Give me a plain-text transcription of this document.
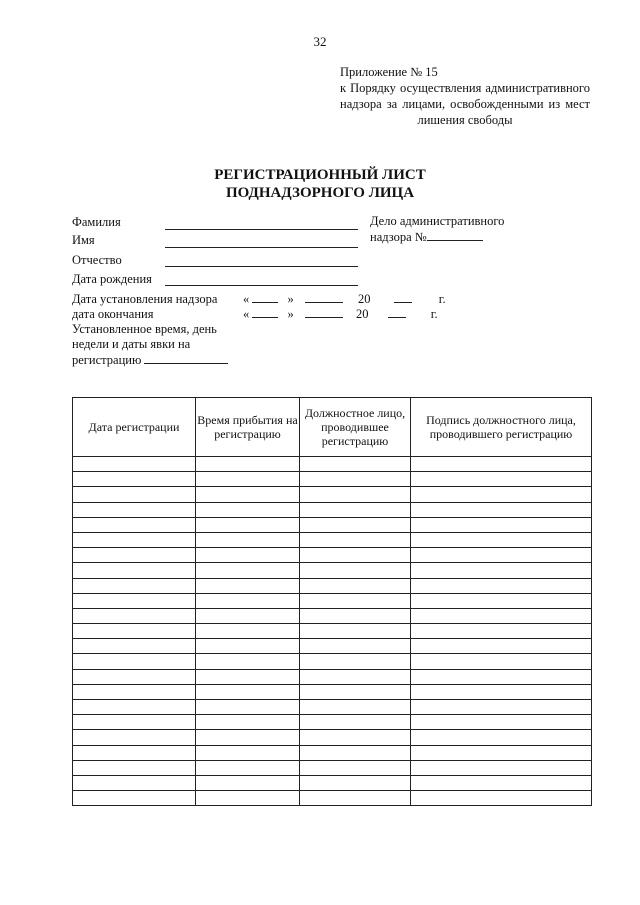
32
Приложение № 15
к Порядку осуществления административного
надзора за лицами, освобожденными из мест
лишения свободы
РЕГИСТРАЦИОННЫЙ ЛИСТ
ПОДНАДЗОРНОГО ЛИЦА
Фамилия
Имя
Отчество
Дата рождения
Дело административного
надзора №
Дата установления надзора «	»	20	г.
дата окончания	«	»	20	г.
Установленное время, день
недели и даты явки на
регистрацию
Дата регистрации	Время прибытия на регистрацию	Должностное лицо, проводившее регистрацию	Подпись должностного лица, проводившего регистрацию
